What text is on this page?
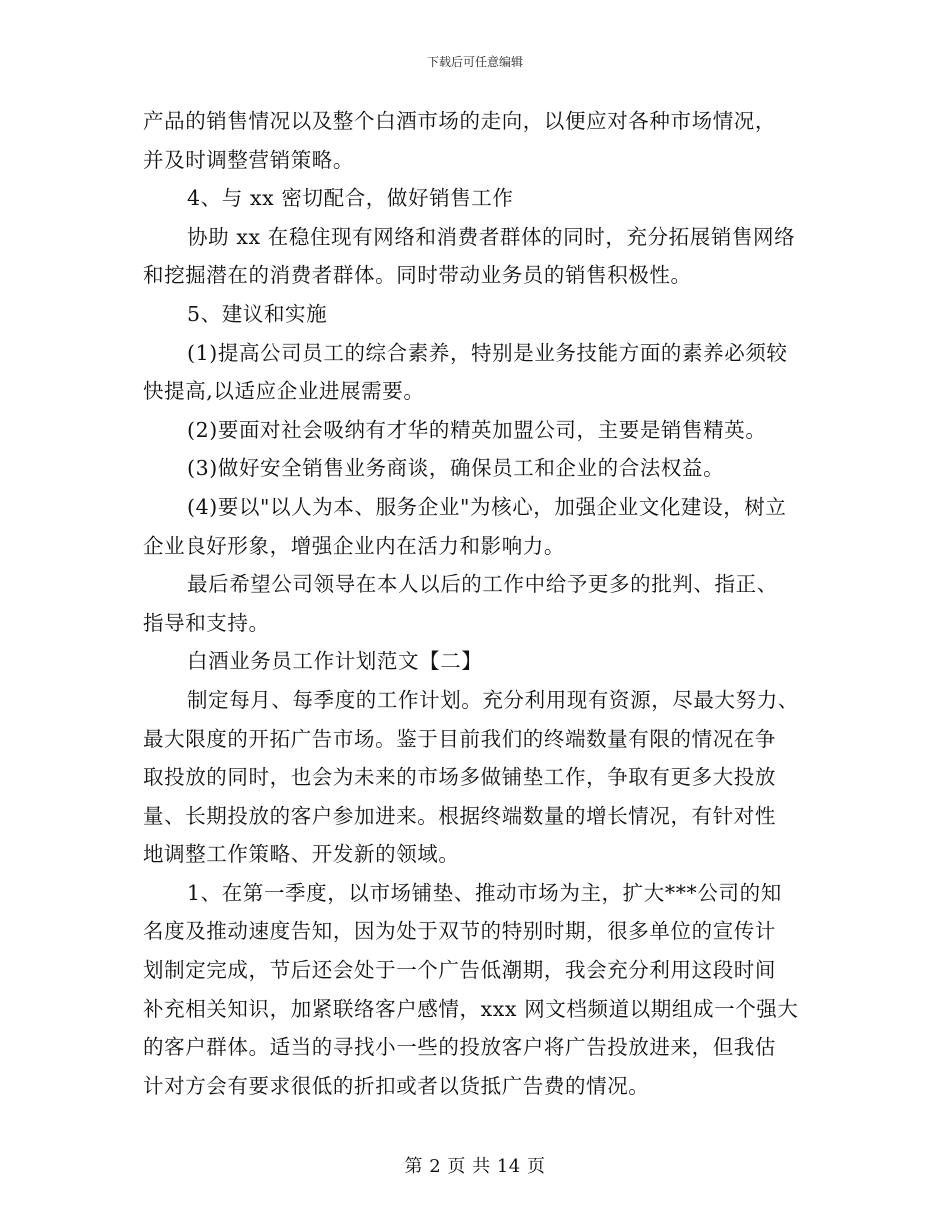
下载后可任意编辑

产品的销售情况以及整个白酒市场的走向，以便应对各种市场情况，

并及时调整营销策略。

4、与 xx 密切配合，做好销售工作

协助 xx 在稳住现有网络和消费者群体的同时，充分拓展销售网络

和挖掘潜在的消费者群体。同时带动业务员的销售积极性。

5、建议和实施

(1)提高公司员工的综合素养，特别是业务技能方面的素养必须较

快提高,以适应企业进展需要。

(2)要面对社会吸纳有才华的精英加盟公司，主要是销售精英。

(3)做好安全销售业务商谈，确保员工和企业的合法权益。

(4)要以"以人为本、服务企业"为核心，加强企业文化建设，树立

企业良好形象，增强企业内在活力和影响力。

最后希望公司领导在本人以后的工作中给予更多的批判、指正、

指导和支持。

白酒业务员工作计划范文【二】

制定每月、每季度的工作计划。充分利用现有资源，尽最大努力、

最大限度的开拓广告市场。鉴于目前我们的终端数量有限的情况在争

取投放的同时，也会为未来的市场多做铺垫工作，争取有更多大投放

量、长期投放的客户参加进来。根据终端数量的增长情况，有针对性

地调整工作策略、开发新的领域。

1、在第一季度，以市场铺垫、推动市场为主，扩大***公司的知

名度及推动速度告知，因为处于双节的特别时期，很多单位的宣传计

划制定完成，节后还会处于一个广告低潮期，我会充分利用这段时间

补充相关知识，加紧联络客户感情，xxx 网文档频道以期组成一个强大

的客户群体。适当的寻找小一些的投放客户将广告投放进来，但我估

计对方会有要求很低的折扣或者以货抵广告费的情况。

第 2 页 共 14 页
